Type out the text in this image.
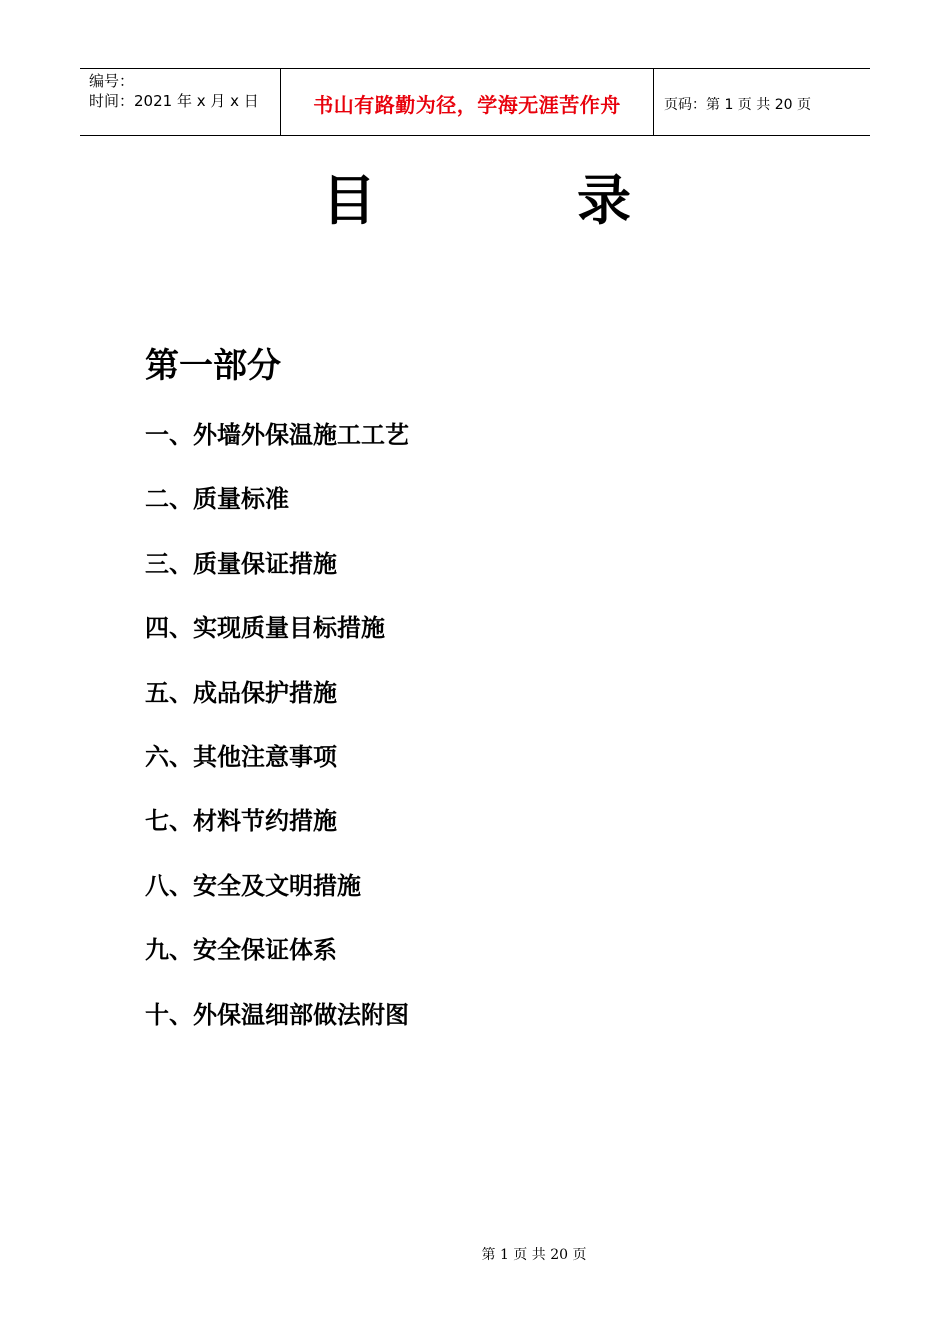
编号：
时间：2021 年 x 月 x 日	书山有路勤为径，学海无涯苦作舟	页码：第 1 页 共 20 页
目	录
第一部分
一、外墙外保温施工工艺
二、质量标准
三、质量保证措施
四、实现质量目标措施
五、成品保护措施
六、其他注意事项
七、材料节约措施
八、安全及文明措施
九、安全保证体系
十、外保温细部做法附图
第 1 页 共 20 页
